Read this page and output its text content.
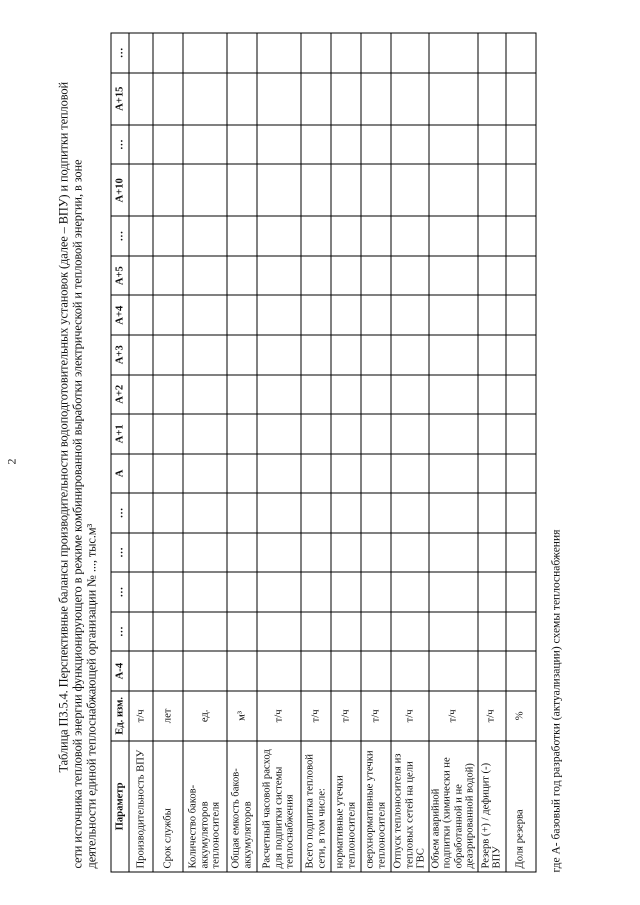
2	Таблица П3.5.4. Перспективные балансы производительности водоподготовительных установок (далее – ВПУ) и подпитки тепловой сети источника тепловой энергии функционирующего в режиме комбинированной выработки электрической и тепловой энергии, в зоне деятельности единой теплоснабжающей организации № ..., тыс.м³ Параметр	Ед. изм.	А-4	…	…	…	…	А	А+1	А+2	А+3	А+4	А+5	…	А+10	…	А+15	…
Производительность ВПУ	т/ч																
Срок службы	лет																
Количество баков-аккумуляторов теплоносителя	ед.																
Общая емкость баков-аккумуляторов	м³																
Расчетный часовой расход для подпитки системы теплоснабжения	т/ч																
Всего подпитка тепловой сети, в том числе:	т/ч																
нормативные утечки теплоносителя	т/ч																
сверхнормативные утечки теплоносителя	т/ч																
Отпуск теплоносителя из тепловых сетей на цели ГВС	т/ч																
Объем аварийной подпитки (химически не обработанной и не деаэрированной водой)	т/ч																
Резерв (+) / дефицит (-) ВПУ	т/ч																
Доля резерва	%																где А- базовый год разработки (актуализации) схемы теплоснабжения
